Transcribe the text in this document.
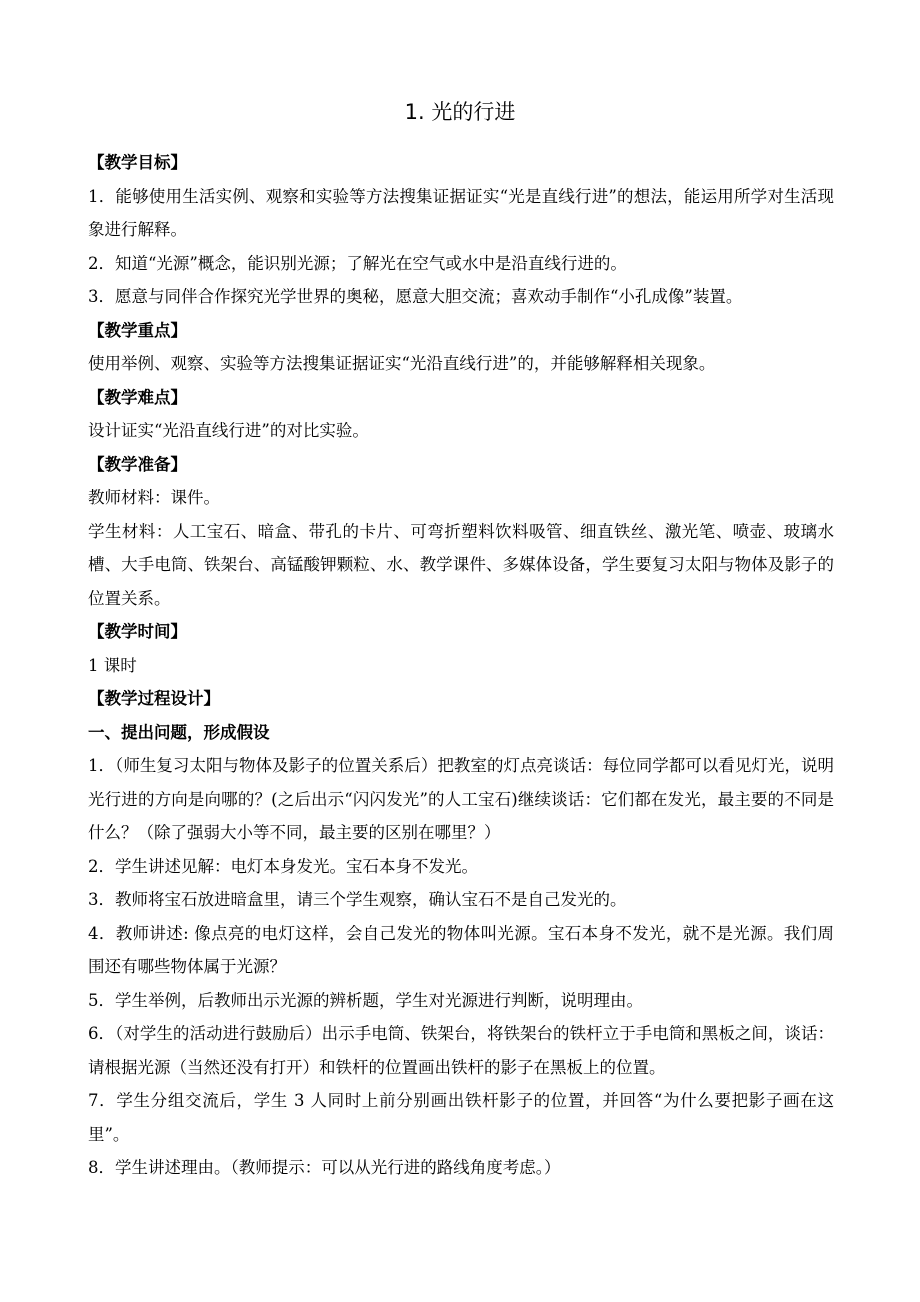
1. 光的行进

【教学目标】

1．能够使用生活实例、观察和实验等方法搜集证据证实“光是直线行进”的想法，能运用所学对生活现象进行解释。

2．知道“光源”概念，能识别光源；了解光在空气或水中是沿直线行进的。

3．愿意与同伴合作探究光学世界的奥秘，愿意大胆交流；喜欢动手制作“小孔成像”装置。

【教学重点】

使用举例、观察、实验等方法搜集证据证实“光沿直线行进”的，并能够解释相关现象。

【教学难点】

设计证实“光沿直线行进”的对比实验。

【教学准备】

教师材料：课件。

学生材料：人工宝石、暗盒、带孔的卡片、可弯折塑料饮料吸管、细直铁丝、激光笔、喷壶、玻璃水槽、大手电筒、铁架台、高锰酸钾颗粒、水、教学课件、多媒体设备，学生要复习太阳与物体及影子的位置关系。

【教学时间】

1 课时

【教学过程设计】

一、提出问题，形成假设

1．（师生复习太阳与物体及影子的位置关系后）把教室的灯点亮谈话：每位同学都可以看见灯光，说明光行进的方向是向哪的？(之后出示“闪闪发光”的人工宝石)继续谈话：它们都在发光，最主要的不同是什么？（除了强弱大小等不同，最主要的区别在哪里？）

2．学生讲述见解：电灯本身发光。宝石本身不发光。

3．教师将宝石放进暗盒里，请三个学生观察，确认宝石不是自己发光的。

4．教师讲述: 像点亮的电灯这样，会自己发光的物体叫光源。宝石本身不发光，就不是光源。我们周围还有哪些物体属于光源？

5．学生举例，后教师出示光源的辨析题，学生对光源进行判断，说明理由。

6．（对学生的活动进行鼓励后）出示手电筒、铁架台，将铁架台的铁杆立于手电筒和黑板之间，谈话：请根据光源（当然还没有打开）和铁杆的位置画出铁杆的影子在黑板上的位置。

7．学生分组交流后，学生 3 人同时上前分别画出铁杆影子的位置，并回答“为什么要把影子画在这里”。

8．学生讲述理由。（教师提示：可以从光行进的路线角度考虑。）
